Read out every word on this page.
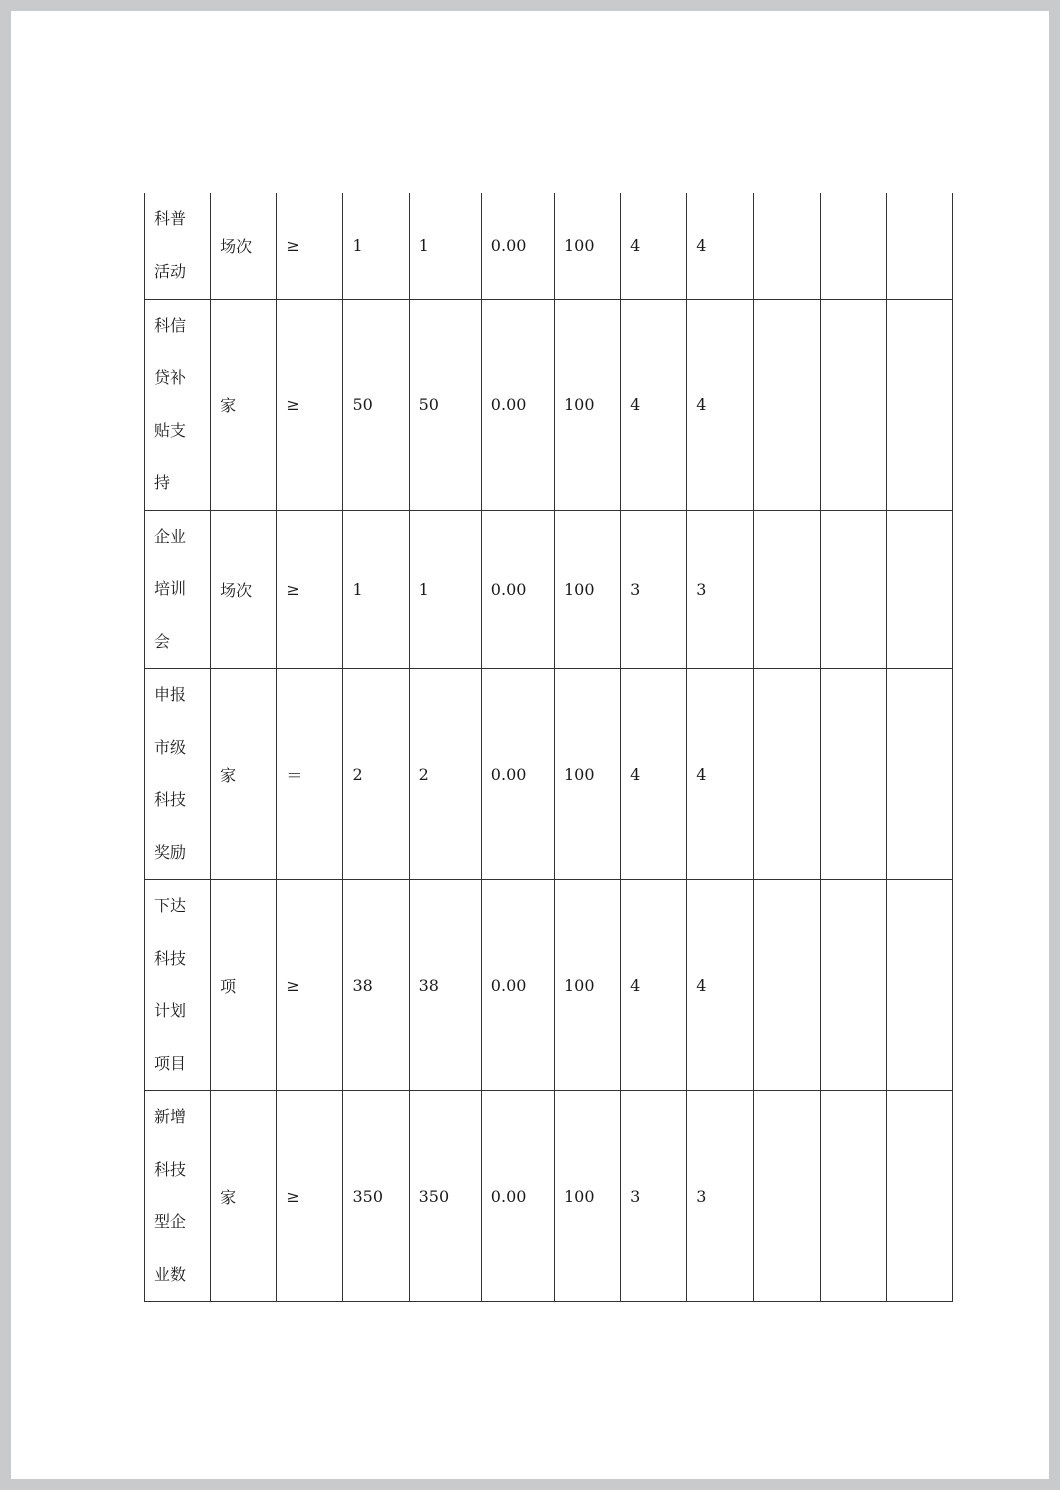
科普
活动	场次	≥	1	1	0.00	100	4	4			

科信
贷补
贴支
持	家	≥	50	50	0.00	100	4	4			

企业
培训
会	场次	≥	1	1	0.00	100	3	3			

申报
市级
科技
奖励	家	＝	2	2	0.00	100	4	4			

下达
科技
计划
项目	项	≥	38	38	0.00	100	4	4			

新增
科技
型企
业数	家	≥	350	350	0.00	100	3	3			
